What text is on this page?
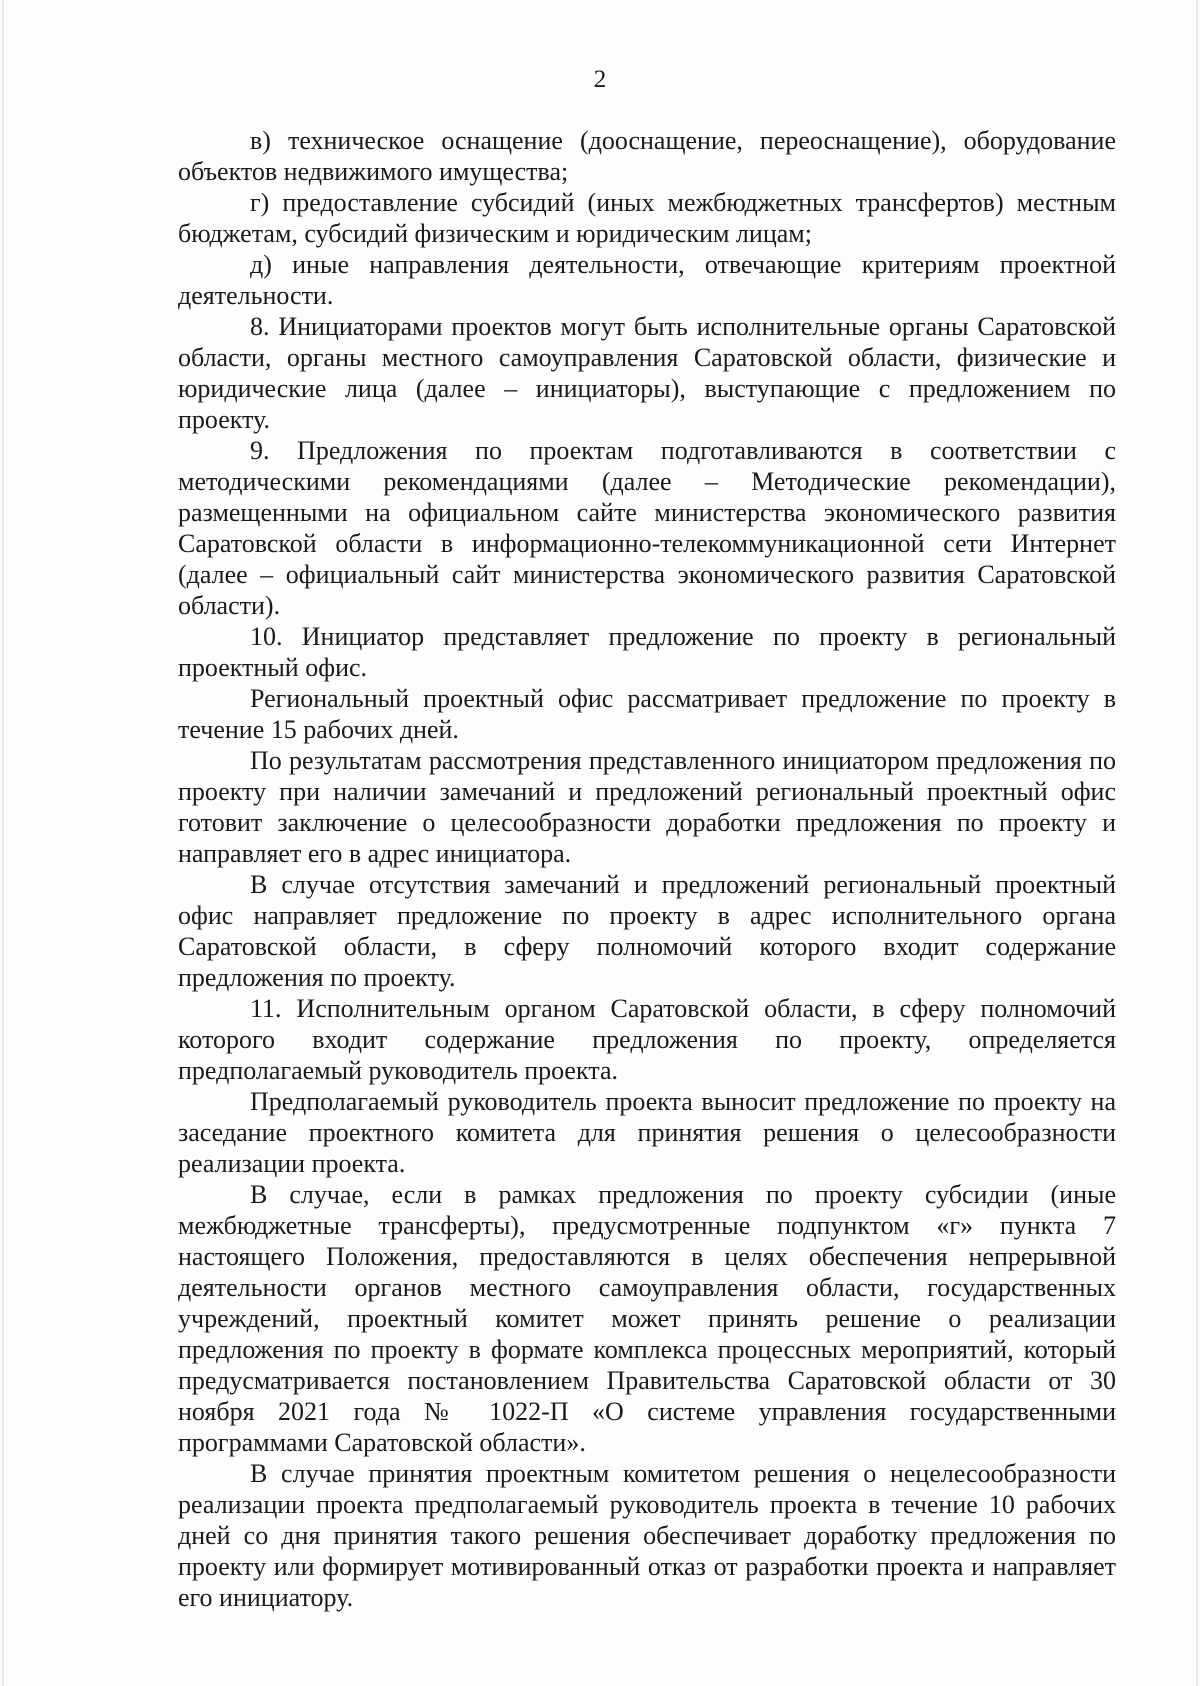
2

в) техническое оснащение (дооснащение, переоснащение), оборудование объектов недвижимого имущества;

г) предоставление субсидий (иных межбюджетных трансфертов) местным бюджетам, субсидий физическим и юридическим лицам;

д) иные направления деятельности, отвечающие критериям проектной деятельности.

8. Инициаторами проектов могут быть исполнительные органы Саратовской области, органы местного самоуправления Саратовской области, физические и юридические лица (далее – инициаторы), выступающие с предложением по проекту.

9. Предложения по проектам подготавливаются в соответствии с методическими рекомендациями (далее – Методические рекомендации), размещенными на официальном сайте министерства экономического развития Саратовской области в информационно-телекоммуникационной сети Интернет (далее – официальный сайт министерства экономического развития Саратовской области).

10. Инициатор представляет предложение по проекту в региональный проектный офис.

Региональный проектный офис рассматривает предложение по проекту в течение 15 рабочих дней.

По результатам рассмотрения представленного инициатором предложения по проекту при наличии замечаний и предложений региональный проектный офис готовит заключение о целесообразности доработки предложения по проекту и направляет его в адрес инициатора.

В случае отсутствия замечаний и предложений региональный проектный офис направляет предложение по проекту в адрес исполнительного органа Саратовской области, в сферу полномочий которого входит содержание предложения по проекту.

11. Исполнительным органом Саратовской области, в сферу полномочий которого входит содержание предложения по проекту, определяется предполагаемый руководитель проекта.

Предполагаемый руководитель проекта выносит предложение по проекту на заседание проектного комитета для принятия решения о целесообразности реализации проекта.

В случае, если в рамках предложения по проекту субсидии (иные межбюджетные трансферты), предусмотренные подпунктом «г» пункта 7 настоящего Положения, предоставляются в целях обеспечения непрерывной деятельности органов местного самоуправления области, государственных учреждений, проектный комитет может принять решение о реализации предложения по проекту в формате комплекса процессных мероприятий, который предусматривается постановлением Правительства Саратовской области от 30 ноября 2021 года № 1022-П «О системе управления государственными программами Саратовской области».

В случае принятия проектным комитетом решения о нецелесообразности реализации проекта предполагаемый руководитель проекта в течение 10 рабочих дней со дня принятия такого решения обеспечивает доработку предложения по проекту или формирует мотивированный отказ от разработки проекта и направляет его инициатору.
